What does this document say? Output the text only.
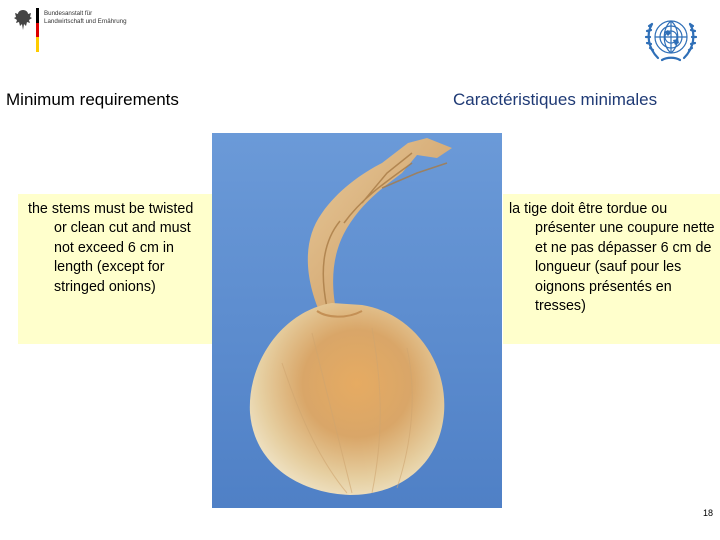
Bundesanstalt für
Landwirtschaft und Ernährung
Minimum requirements	Caractéristiques minimales

the stems must be twisted or clean cut and must not exceed 6 cm in length (except for stringed onions)

la tige doit être tordue ou présenter une coupure nette et ne pas dépasser 6 cm de longueur (sauf pour les oignons présentés en tresses)

18
